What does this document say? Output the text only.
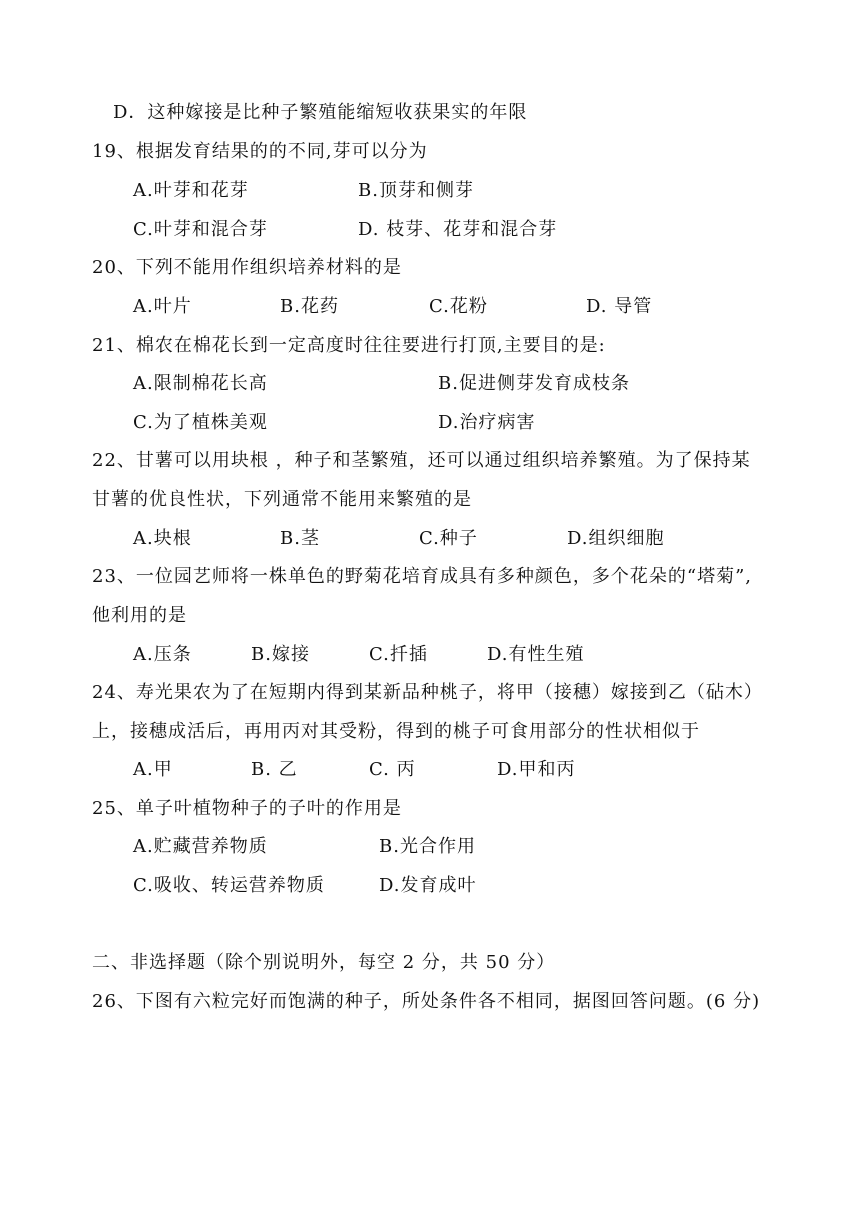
D．这种嫁接是比种子繁殖能缩短收获果实的年限
19、根据发育结果的的不同,芽可以分为
A.叶芽和花芽	B.顶芽和侧芽
C.叶芽和混合芽	D. 枝芽、花芽和混合芽
20、下列不能用作组织培养材料的是
A.叶片	B.花药	C.花粉	D. 导管
21、棉农在棉花长到一定高度时往往要进行打顶,主要目的是:
A.限制棉花长高	B.促进侧芽发育成枝条
C.为了植株美观	D.治疗病害
22、甘薯可以用块根 ，种子和茎繁殖，还可以通过组织培养繁殖。为了保持某
甘薯的优良性状，下列通常不能用来繁殖的是
A.块根	B.茎	C.种子	D.组织细胞
23、一位园艺师将一株单色的野菊花培育成具有多种颜色，多个花朵的“塔菊”,
他利用的是
A.压条	B.嫁接	C.扦插	D.有性生殖
24、寿光果农为了在短期内得到某新品种桃子，将甲（接穗）嫁接到乙（砧木）
上，接穗成活后，再用丙对其受粉，得到的桃子可食用部分的性状相似于
A.甲	B. 乙	C. 丙	D.甲和丙
25、单子叶植物种子的子叶的作用是
A.贮藏营养物质	B.光合作用
C.吸收、转运营养物质	D.发育成叶
二、非选择题（除个别说明外，每空 2 分，共 50 分）
26、下图有六粒完好而饱满的种子，所处条件各不相同，据图回答问题。(6 分)
